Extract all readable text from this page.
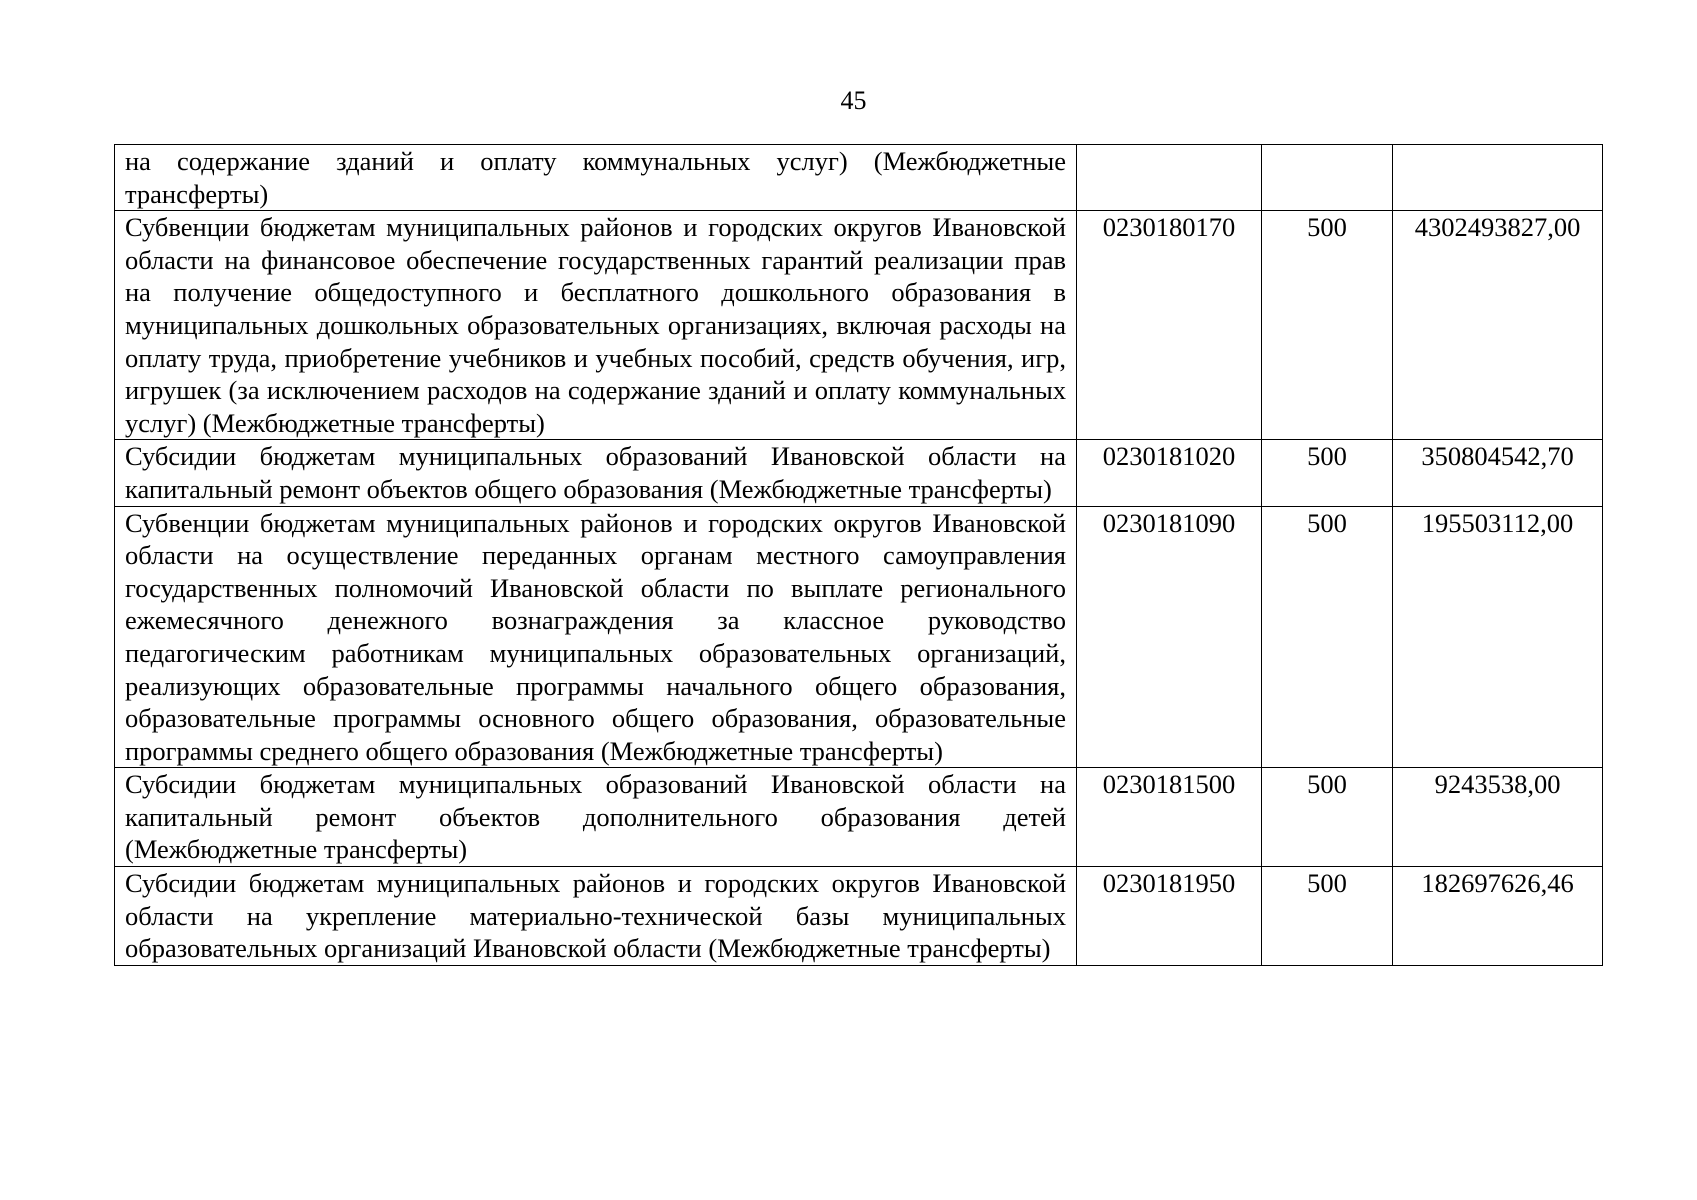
45
на содержание зданий и оплату коммунальных услуг) (Межбюджетные трансферты)			
Субвенции бюджетам муниципальных районов и городских округов Ивановской области на финансовое обеспечение государственных гарантий реализации прав на получение общедоступного и бесплатного дошкольного образования в муниципальных дошкольных образовательных организациях, включая расходы на оплату труда, приобретение учебников и учебных пособий, средств обучения, игр, игрушек (за исключением расходов на содержание зданий и оплату коммунальных услуг) (Межбюджетные трансферты)	0230180170	500	4302493827,00
Субсидии бюджетам муниципальных образований Ивановской области на капитальный ремонт объектов общего образования (Межбюджетные трансферты)	0230181020	500	350804542,70
Субвенции бюджетам муниципальных районов и городских округов Ивановской области на осуществление переданных органам местного самоуправления государственных полномочий Ивановской области по выплате регионального ежемесячного денежного вознаграждения за классное руководство педагогическим работникам муниципальных образовательных организаций, реализующих образовательные программы начального общего образования, образовательные программы основного общего образования, образовательные программы среднего общего образования (Межбюджетные трансферты)	0230181090	500	195503112,00
Субсидии бюджетам муниципальных образований Ивановской области на капитальный ремонт объектов дополнительного образования детей (Межбюджетные трансферты)	0230181500	500	9243538,00
Субсидии бюджетам муниципальных районов и городских округов Ивановской области на укрепление материально-технической базы муниципальных образовательных организаций Ивановской области (Межбюджетные трансферты)	0230181950	500	182697626,46
